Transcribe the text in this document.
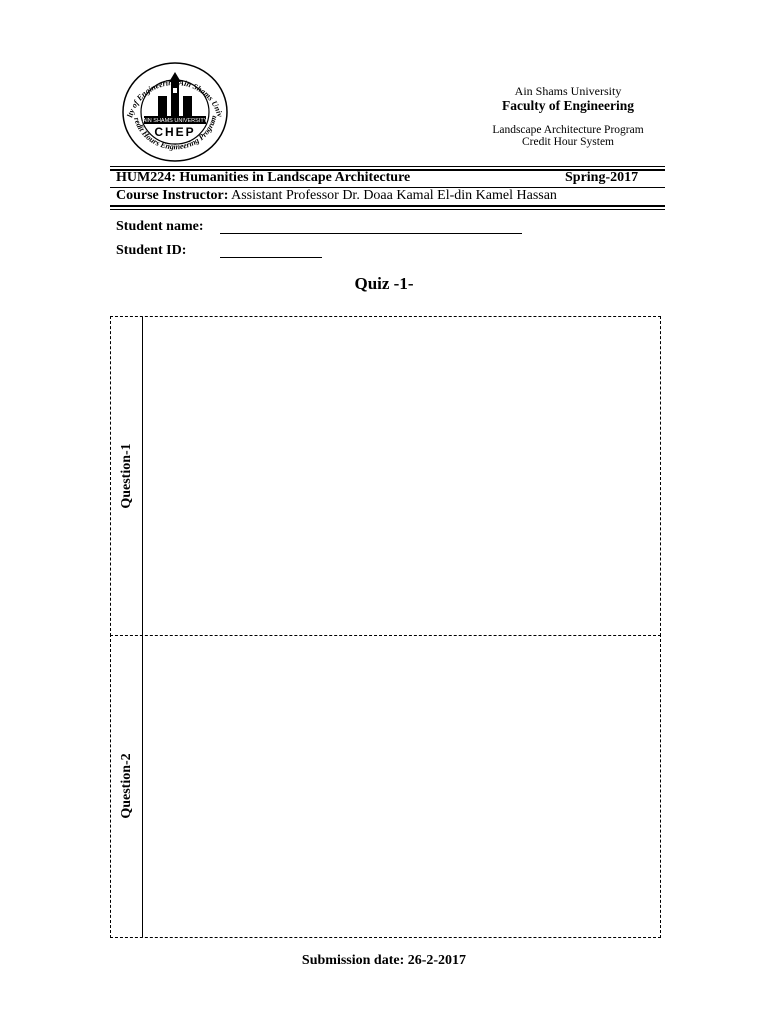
AIN SHAMS UNIVERSITY
CHEP
lty of Engineering Ain Shams Univ
redit Hours Engineering Program
Ain Shams University
Faculty of Engineering
Landscape Architecture Program
Credit Hour System
HUM224: Humanities in Landscape Architecture	Spring-2017
Course Instructor: Assistant Professor Dr. Doaa Kamal El-din Kamel Hassan
Student name:
Student ID:
Quiz -1-
Question-1
Question-2
Submission date: 26-2-2017
